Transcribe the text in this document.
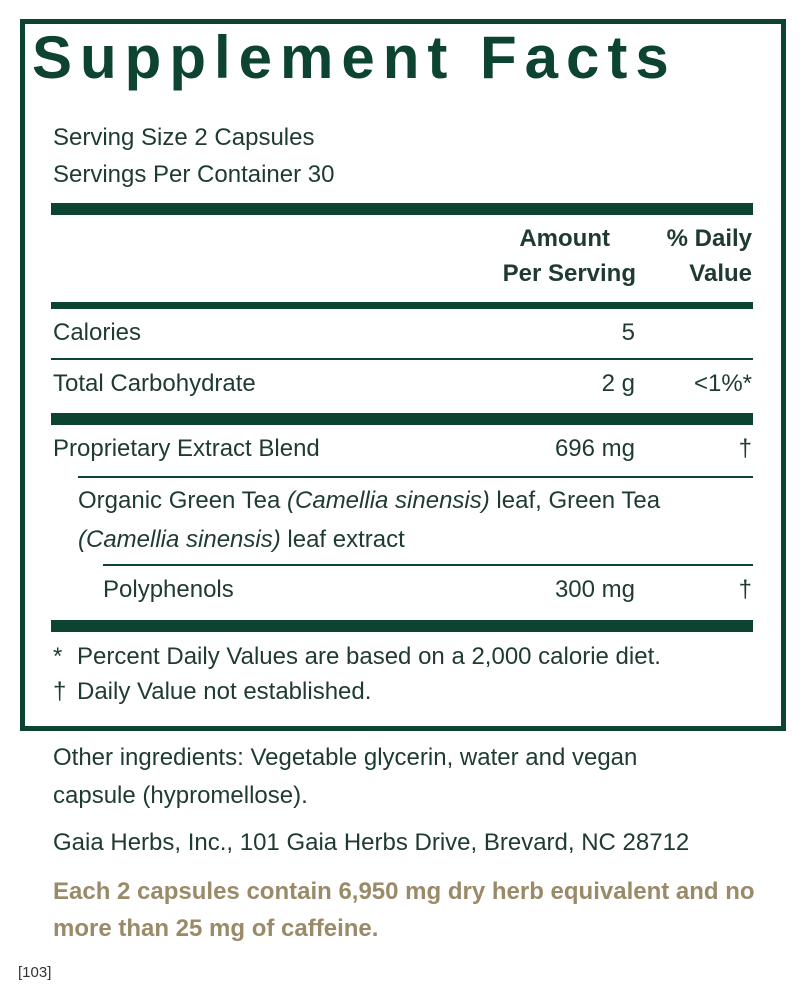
Supplement Facts
Serving Size 2 Capsules
Servings Per Container 30
Amount
Per Serving
% Daily
Value
Calories	5
Total Carbohydrate	2 g	<1%*
Proprietary Extract Blend	696 mg	†
Organic Green Tea (Camellia sinensis) leaf, Green Tea
(Camellia sinensis) leaf extract
Polyphenols	300 mg	†
* Percent Daily Values are based on a 2,000 calorie diet.
† Daily Value not established.
Other ingredients: Vegetable glycerin, water and vegan
capsule (hypromellose).
Gaia Herbs, Inc., 101 Gaia Herbs Drive, Brevard, NC 28712
Each 2 capsules contain 6,950 mg dry herb equivalent and no
more than 25 mg of caffeine.
[103]
